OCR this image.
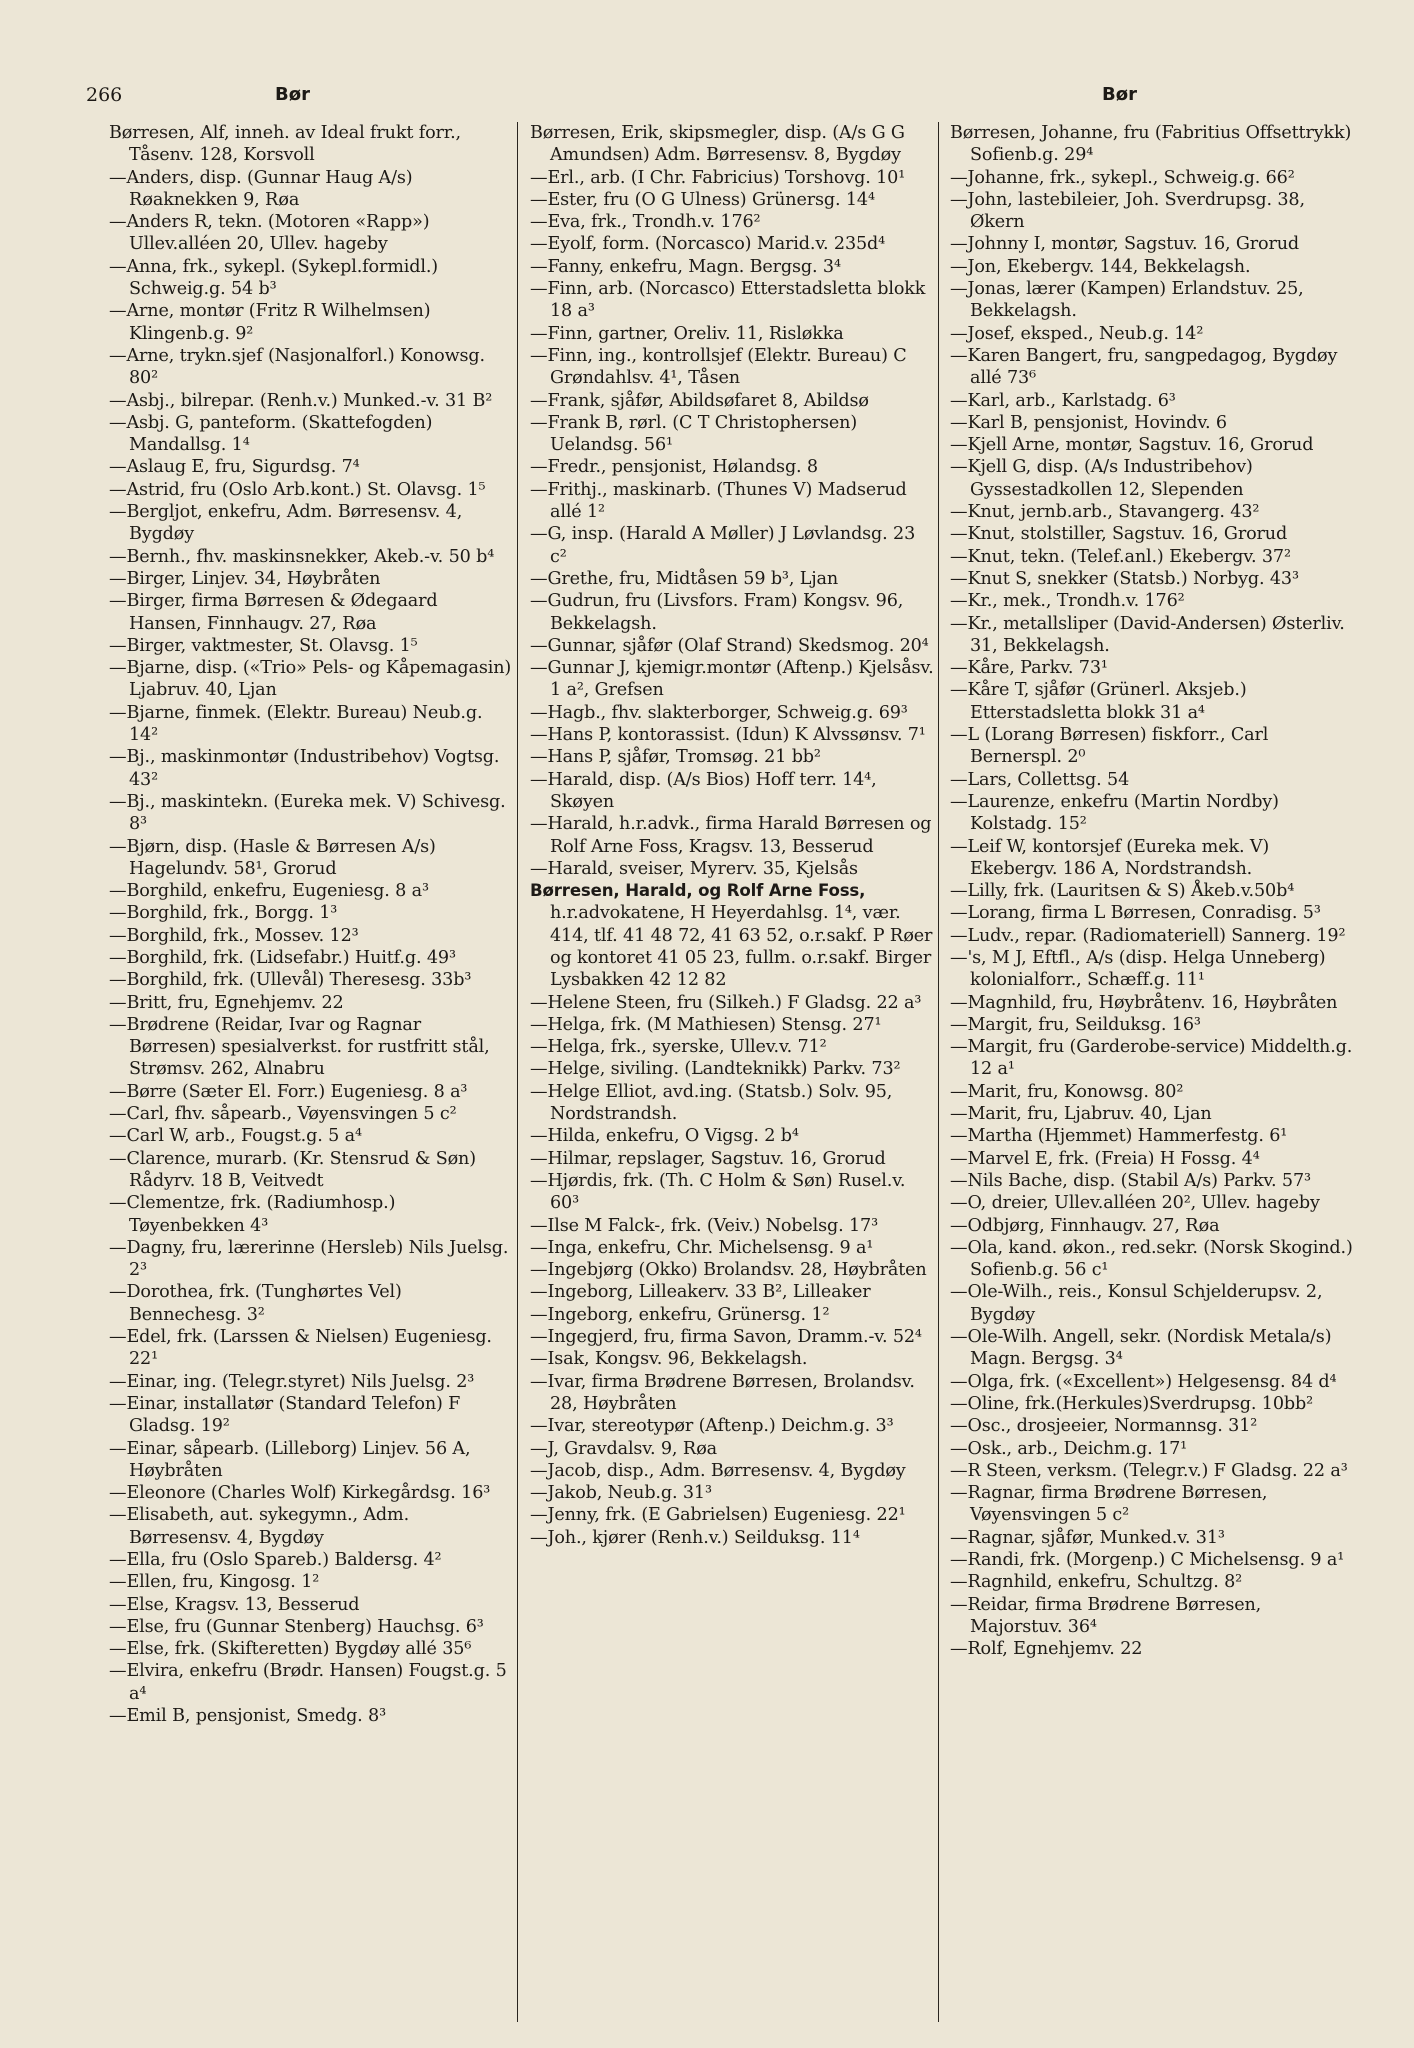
266	Bør	Bør

Børresen, Alf, inneh. av Ideal frukt forr., Tåsenv. 128, Korsvoll

—Anders, disp. (Gunnar Haug A/s) Røaknekken 9, Røa

—Anders R, tekn. (Motoren «Rapp») Ullev.alléen 20, Ullev. hageby

—Anna, frk., sykepl. (Sykepl.formidl.) Schweig.g. 54 b³

—Arne, montør (Fritz R Wilhelmsen) Klingenb.g. 9²

—Arne, trykn.sjef (Nasjonalforl.) Konowsg. 80²

—Asbj., bilrepar. (Renh.v.) Munked.-v. 31 B²

—Asbj. G, panteform. (Skattefogden) Mandallsg. 1⁴

—Aslaug E, fru, Sigurdsg. 7⁴

—Astrid, fru (Oslo Arb.kont.) St. Olavsg. 1⁵

—Bergljot, enkefru, Adm. Børresensv. 4, Bygdøy

—Bernh., fhv. maskinsnekker, Akeb.-v. 50 b⁴

—Birger, Linjev. 34, Høybråten

—Birger, firma Børresen & Ødegaard Hansen, Finnhaugv. 27, Røa

—Birger, vaktmester, St. Olavsg. 1⁵

—Bjarne, disp. («Trio» Pels- og Kåpemagasin) Ljabruv. 40, Ljan

—Bjarne, finmek. (Elektr. Bureau) Neub.g. 14²

—Bj., maskinmontør (Industribehov) Vogtsg. 43²

—Bj., maskintekn. (Eureka mek. V) Schivesg. 8³

—Bjørn, disp. (Hasle & Børresen A/s) Hagelundv. 58¹, Grorud

—Borghild, enkefru, Eugeniesg. 8 a³

—Borghild, frk., Borgg. 1³

—Borghild, frk., Mossev. 12³

—Borghild, frk. (Lidsefabr.) Huitf.g. 49³

—Borghild, frk. (Ullevål) Theresesg. 33b³

—Britt, fru, Egnehjemv. 22

—Brødrene (Reidar, Ivar og Ragnar Børresen) spesialverkst. for rustfritt stål, Strømsv. 262, Alnabru

—Børre (Sæter El. Forr.) Eugeniesg. 8 a³

—Carl, fhv. såpearb., Vøyensvingen 5 c²

—Carl W, arb., Fougst.g. 5 a⁴

—Clarence, murarb. (Kr. Stensrud & Søn) Rådyrv. 18 B, Veitvedt

—Clementze, frk. (Radiumhosp.) Tøyenbekken 4³

—Dagny, fru, lærerinne (Hersleb) Nils Juelsg. 2³

—Dorothea, frk. (Tunghørtes Vel) Bennechesg. 3²

—Edel, frk. (Larssen & Nielsen) Eugeniesg. 22¹

—Einar, ing. (Telegr.styret) Nils Juelsg. 2³

—Einar, installatør (Standard Telefon) F Gladsg. 19²

—Einar, såpearb. (Lilleborg) Linjev. 56 A, Høybråten

—Eleonore (Charles Wolf) Kirkegårdsg. 16³

—Elisabeth, aut. sykegymn., Adm. Børresensv. 4, Bygdøy

—Ella, fru (Oslo Spareb.) Baldersg. 4²

—Ellen, fru, Kingosg. 1²

—Else, Kragsv. 13, Besserud

—Else, fru (Gunnar Stenberg) Hauchsg. 6³

—Else, frk. (Skifteretten) Bygdøy allé 35⁶

—Elvira, enkefru (Brødr. Hansen) Fougst.g. 5 a⁴

—Emil B, pensjonist, Smedg. 8³

Børresen, Erik, skipsmegler, disp. (A/s G G Amundsen) Adm. Børresensv. 8, Bygdøy

—Erl., arb. (I Chr. Fabricius) Torshovg. 10¹

—Ester, fru (O G Ulness) Grünersg. 14⁴

—Eva, frk., Trondh.v. 176²

—Eyolf, form. (Norcasco) Marid.v. 235d⁴

—Fanny, enkefru, Magn. Bergsg. 3⁴

—Finn, arb. (Norcasco) Etterstadsletta blokk 18 a³

—Finn, gartner, Oreliv. 11, Risløkka

—Finn, ing., kontrollsjef (Elektr. Bureau) C Grøndahlsv. 4¹, Tåsen

—Frank, sjåfør, Abildsøfaret 8, Abildsø

—Frank B, rørl. (C T Christophersen) Uelandsg. 56¹

—Fredr., pensjonist, Hølandsg. 8

—Frithj., maskinarb. (Thunes V) Madserud allé 1²

—G, insp. (Harald A Møller) J Løvlandsg. 23 c²

—Grethe, fru, Midtåsen 59 b³, Ljan

—Gudrun, fru (Livsfors. Fram) Kongsv. 96, Bekkelagsh.

—Gunnar, sjåfør (Olaf Strand) Skedsmog. 20⁴

—Gunnar J, kjemigr.montør (Aftenp.) Kjelsåsv. 1 a², Grefsen

—Hagb., fhv. slakterborger, Schweig.g. 69³

—Hans P, kontorassist. (Idun) K Alvssønsv. 7¹

—Hans P, sjåfør, Tromsøg. 21 bb²

—Harald, disp. (A/s Bios) Hoff terr. 14⁴, Skøyen

—Harald, h.r.advk., firma Harald Børresen og Rolf Arne Foss, Kragsv. 13, Besserud

—Harald, sveiser, Myrerv. 35, Kjelsås

Børresen, Harald, og Rolf Arne Foss, h.r.advokatene, H Heyerdahlsg. 1⁴, vær. 414, tlf. 41 48 72, 41 63 52, o.r.sakf. P Røer og kontoret 41 05 23, fullm. o.r.sakf. Birger Lysbakken 42 12 82

—Helene Steen, fru (Silkeh.) F Gladsg. 22 a³

—Helga, frk. (M Mathiesen) Stensg. 27¹

—Helga, frk., syerske, Ullev.v. 71²

—Helge, siviling. (Landteknikk) Parkv. 73²

—Helge Elliot, avd.ing. (Statsb.) Solv. 95, Nordstrandsh.

—Hilda, enkefru, O Vigsg. 2 b⁴

—Hilmar, repslager, Sagstuv. 16, Grorud

—Hjørdis, frk. (Th. C Holm & Søn) Rusel.v. 60³

—Ilse M Falck-, frk. (Veiv.) Nobelsg. 17³

—Inga, enkefru, Chr. Michelsensg. 9 a¹

—Ingebjørg (Okko) Brolandsv. 28, Høybråten

—Ingeborg, Lilleakerv. 33 B², Lilleaker

—Ingeborg, enkefru, Grünersg. 1²

—Ingegjerd, fru, firma Savon, Dramm.-v. 52⁴

—Isak, Kongsv. 96, Bekkelagsh.

—Ivar, firma Brødrene Børresen, Brolandsv. 28, Høybråten

—Ivar, stereotypør (Aftenp.) Deichm.g. 3³

—J, Gravdalsv. 9, Røa

—Jacob, disp., Adm. Børresensv. 4, Bygdøy

—Jakob, Neub.g. 31³

—Jenny, frk. (E Gabrielsen) Eugeniesg. 22¹

—Joh., kjører (Renh.v.) Seilduksg. 11⁴

Børresen, Johanne, fru (Fabritius Offsettrykk) Sofienb.g. 29⁴

—Johanne, frk., sykepl., Schweig.g. 66²

—John, lastebileier, Joh. Sverdrupsg. 38, Økern

—Johnny I, montør, Sagstuv. 16, Grorud

—Jon, Ekebergv. 144, Bekkelagsh.

—Jonas, lærer (Kampen) Erlandstuv. 25, Bekkelagsh.

—Josef, eksped., Neub.g. 14²

—Karen Bangert, fru, sangpedagog, Bygdøy allé 73⁶

—Karl, arb., Karlstadg. 6³

—Karl B, pensjonist, Hovindv. 6

—Kjell Arne, montør, Sagstuv. 16, Grorud

—Kjell G, disp. (A/s Industribehov) Gyssestadkollen 12, Slependen

—Knut, jernb.arb., Stavangerg. 43²

—Knut, stolstiller, Sagstuv. 16, Grorud

—Knut, tekn. (Telef.anl.) Ekebergv. 37²

—Knut S, snekker (Statsb.) Norbyg. 43³

—Kr., mek., Trondh.v. 176²

—Kr., metallsliper (David-Andersen) Østerliv. 31, Bekkelagsh.

—Kåre, Parkv. 73¹

—Kåre T, sjåfør (Grünerl. Aksjeb.) Etterstadsletta blokk 31 a⁴

—L (Lorang Børresen) fiskforr., Carl Bernerspl. 2⁰

—Lars, Collettsg. 54

—Laurenze, enkefru (Martin Nordby) Kolstadg. 15²

—Leif W, kontorsjef (Eureka mek. V) Ekebergv. 186 A, Nordstrandsh.

—Lilly, frk. (Lauritsen & S) Åkeb.v.50b⁴

—Lorang, firma L Børresen, Conradisg. 5³

—Ludv., repar. (Radiomateriell) Sannerg. 19²

—'s, M J, Eftfl., A/s (disp. Helga Unneberg) kolonialforr., Schæff.g. 11¹

—Magnhild, fru, Høybråtenv. 16, Høybråten

—Margit, fru, Seilduksg. 16³

—Margit, fru (Garderobe-service) Middelth.g. 12 a¹

—Marit, fru, Konowsg. 80²

—Marit, fru, Ljabruv. 40, Ljan

—Martha (Hjemmet) Hammerfestg. 6¹

—Marvel E, frk. (Freia) H Fossg. 4⁴

—Nils Bache, disp. (Stabil A/s) Parkv. 57³

—O, dreier, Ullev.alléen 20², Ullev. hageby

—Odbjørg, Finnhaugv. 27, Røa

—Ola, kand. økon., red.sekr. (Norsk Skogind.) Sofienb.g. 56 c¹

—Ole-Wilh., reis., Konsul Schjelderupsv. 2, Bygdøy

—Ole-Wilh. Angell, sekr. (Nordisk Metala/s) Magn. Bergsg. 3⁴

—Olga, frk. («Excellent») Helgesensg. 84 d⁴

—Oline, frk.(Herkules)Sverdrupsg. 10bb²

—Osc., drosjeeier, Normannsg. 31²

—Osk., arb., Deichm.g. 17¹

—R Steen, verksm. (Telegr.v.) F Gladsg. 22 a³

—Ragnar, firma Brødrene Børresen, Vøyensvingen 5 c²

—Ragnar, sjåfør, Munked.v. 31³

—Randi, frk. (Morgenp.) C Michelsensg. 9 a¹

—Ragnhild, enkefru, Schultzg. 8²

—Reidar, firma Brødrene Børresen, Majorstuv. 36⁴

—Rolf, Egnehjemv. 22
